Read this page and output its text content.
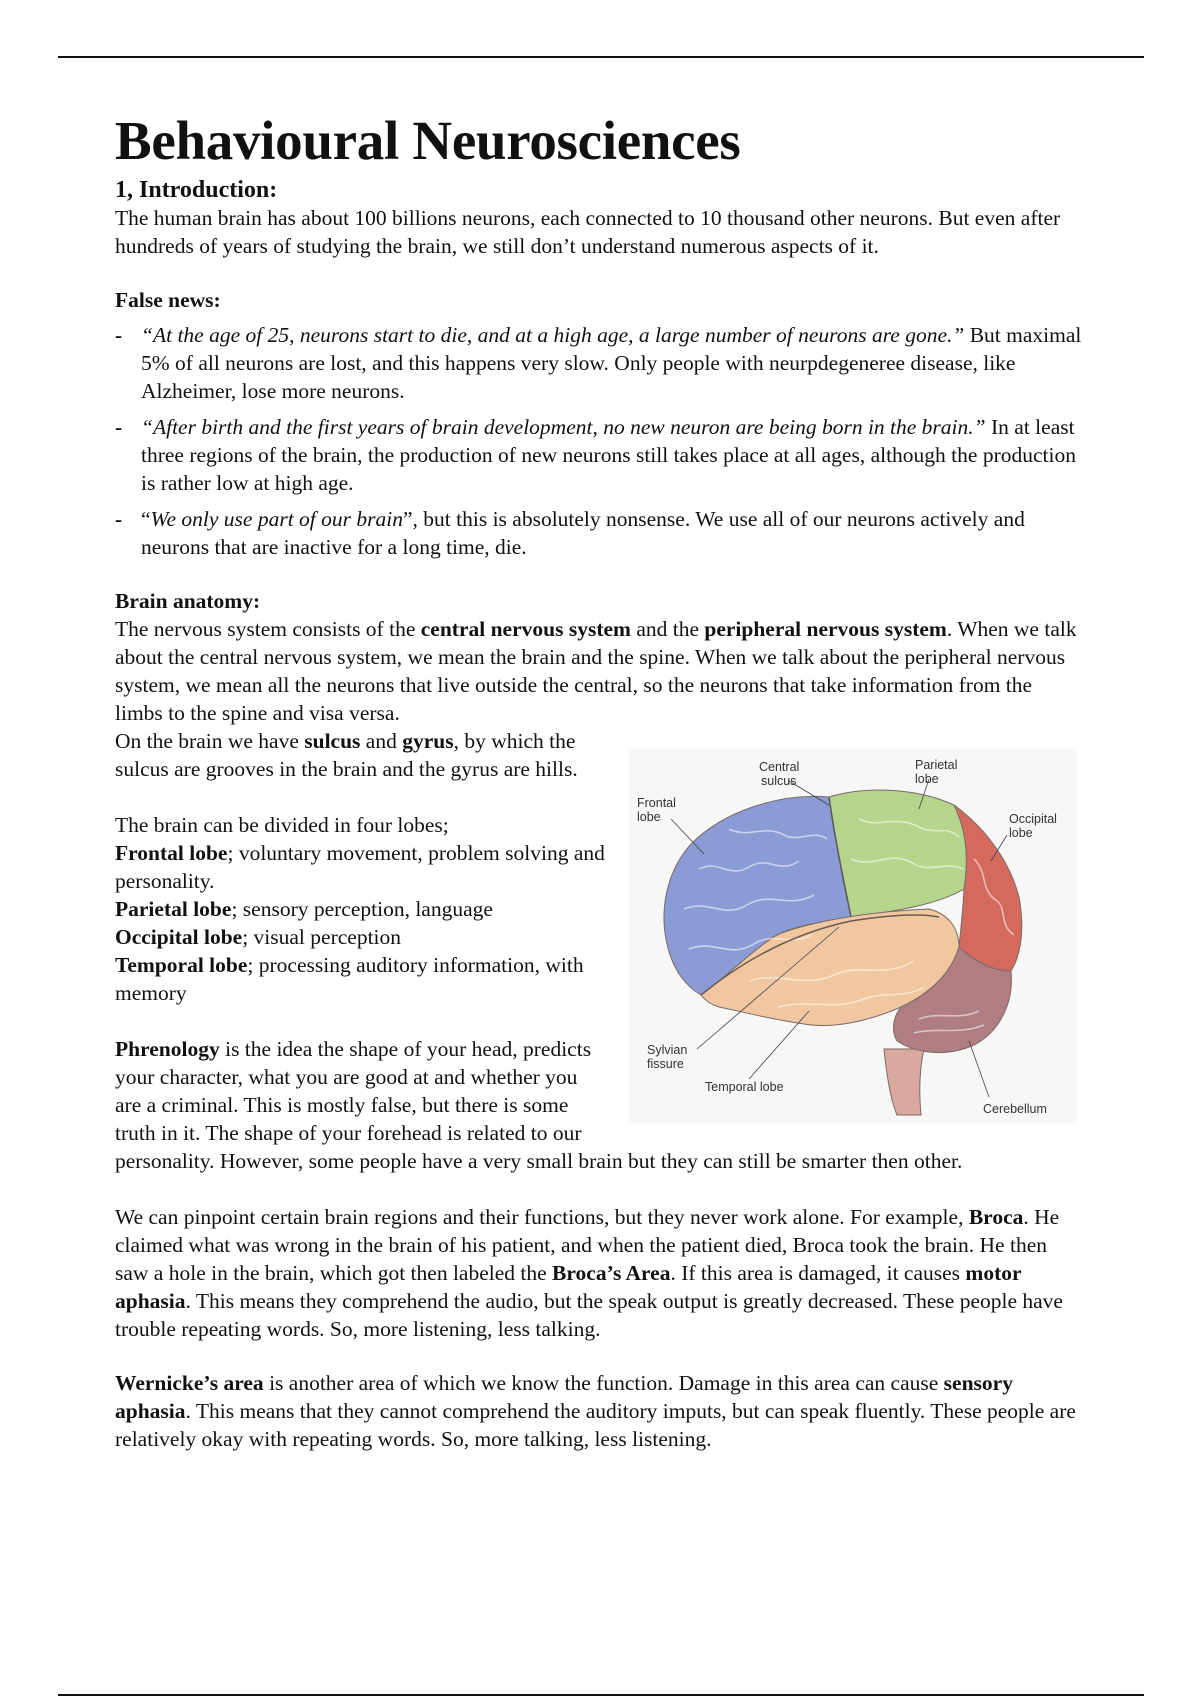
Behavioural Neurosciences
1, Introduction:

The human brain has about 100 billions neurons, each connected to 10 thousand other neurons. But even after hundreds of years of studying the brain, we still don’t understand numerous aspects of it.

False news:
- “At the age of 25, neurons start to die, and at a high age, a large number of neurons are gone.” But maximal 5% of all neurons are lost, and this happens very slow. Only people with neurpdegeneree disease, like Alzheimer, lose more neurons.
- “After birth and the first years of brain development, no new neuron are being born in the brain.” In at least three regions of the brain, the production of new neurons still takes place at all ages, although the production is rather low at high age.
- “We only use part of our brain”, but this is absolutely nonsense. We use all of our neurons actively and neurons that are inactive for a long time, die.
Brain anatomy:

The nervous system consists of the central nervous system and the peripheral nervous system. When we talk about the central nervous system, we mean the brain and the spine. When we talk about the peripheral nervous system, we mean all the neurons that live outside the central, so the neurons that take information from the limbs to the spine and visa versa.

Central
sulcus
Parietal
lobe
Frontal
lobe	Occipital
lobe
Sylvian
fissure
Temporal lobe
Cerebellum

On the brain we have sulcus and gyrus, by which the sulcus are grooves in the brain and the gyrus are hills.

The brain can be divided in four lobes;

Frontal lobe; voluntary movement, problem solving and personality.

Parietal lobe; sensory perception, language

Occipital lobe; visual perception

Temporal lobe; processing auditory information, with memory

Phrenology is the idea the shape of your head, predicts your character, what you are good at and whether you are a criminal. This is mostly false, but there is some truth in it. The shape of your forehead is related to our personality. However, some people have a very small brain but they can still be smarter then other.

We can pinpoint certain brain regions and their functions, but they never work alone. For example, Broca. He claimed what was wrong in the brain of his patient, and when the patient died, Broca took the brain. He then saw a hole in the brain, which got then labeled the Broca’s Area. If this area is damaged, it causes motor aphasia. This means they comprehend the audio, but the speak output is greatly decreased. These people have trouble repeating words. So, more listening, less talking.

Wernicke’s area is another area of which we know the function. Damage in this area can cause sensory aphasia. This means that they cannot comprehend the auditory imputs, but can speak fluently. These people are relatively okay with repeating words. So, more talking, less listening.
